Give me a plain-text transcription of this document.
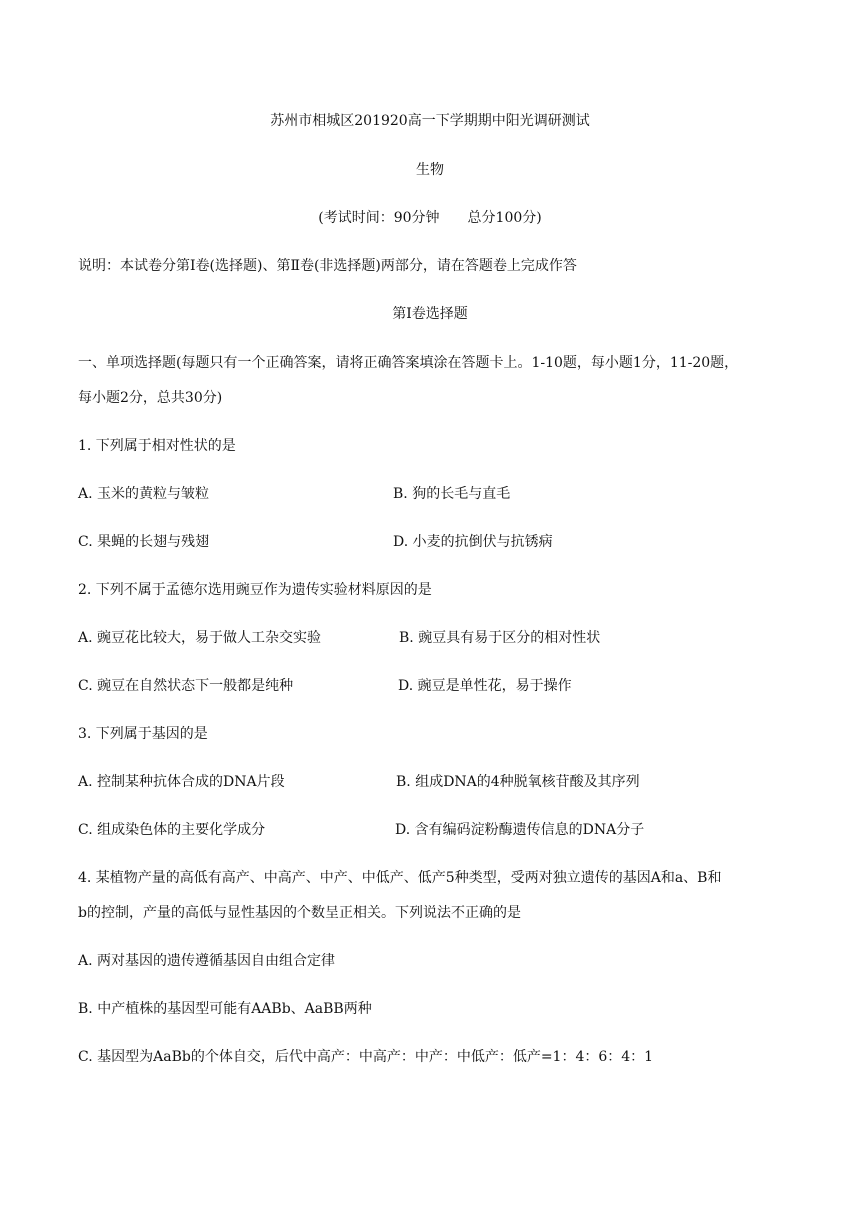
苏州市相城区201920高一下学期期中阳光调研测试
生物
(考试时间：90分钟　　总分100分)
说明：本试卷分第Ⅰ卷(选择题)、第Ⅱ卷(非选择题)两部分，请在答题卷上完成作答
第Ⅰ卷选择题
一、单项选择题(每题只有一个正确答案，请将正确答案填涂在答题卡上。1-10题，每小题1分，11-20题，
每小题2分，总共30分)
1. 下列属于相对性状的是
A. 玉米的黄粒与皱粒	B. 狗的长毛与直毛
C. 果蝇的长翅与残翅	D. 小麦的抗倒伏与抗锈病
2. 下列不属于孟德尔选用豌豆作为遗传实验材料原因的是
A. 豌豆花比较大，易于做人工杂交实验	B. 豌豆具有易于区分的相对性状
C. 豌豆在自然状态下一般都是纯种	D. 豌豆是单性花，易于操作
3. 下列属于基因的是
A. 控制某种抗体合成的DNA片段	B. 组成DNA的4种脱氧核苷酸及其序列
C. 组成染色体的主要化学成分	D. 含有编码淀粉酶遗传信息的DNA分子
4. 某植物产量的高低有高产、中高产、中产、中低产、低产5种类型，受两对独立遗传的基因A和a、B和
b的控制，产量的高低与显性基因的个数呈正相关。下列说法不正确的是
A. 两对基因的遗传遵循基因自由组合定律
B. 中产植株的基因型可能有AABb、AaBB两种
C. 基因型为AaBb的个体自交，后代中高产：中高产：中产：中低产：低产=1：4：6：4：1
